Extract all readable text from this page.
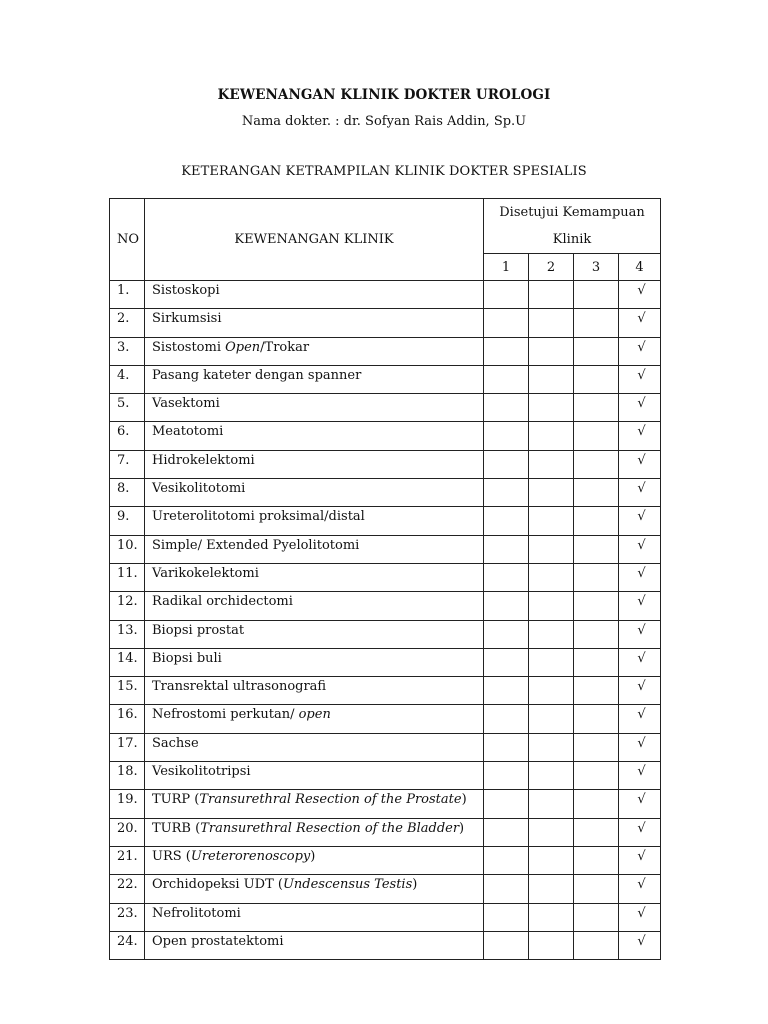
KEWENANGAN KLINIK DOKTER UROLOGI
Nama dokter. : dr. Sofyan Rais Addin, Sp.U
KETERANGAN KETRAMPILAN KLINIK DOKTER SPESIALIS
NO	KEWENANGAN KLINIK	Disetujui Kemampuan Klinik			
		1	2	3	4
1.	Sistoskopi				√
2.	Sirkumsisi				√
3.	Sistostomi Open/Trokar				√
4.	Pasang kateter dengan spanner				√
5.	Vasektomi				√
6.	Meatotomi				√
7.	Hidrokelektomi				√
8.	Vesikolitotomi				√
9.	Ureterolitotomi proksimal/distal				√
10.	Simple/ Extended Pyelolitotomi				√
11.	Varikokelektomi				√
12.	Radikal orchidectomi				√
13.	Biopsi prostat				√
14.	Biopsi buli				√
15.	Transrektal ultrasonografi				√
16.	Nefrostomi perkutan/ open				√
17.	Sachse				√
18.	Vesikolitotripsi				√
19.	TURP (Transurethral Resection of the Prostate)				√
20.	TURB (Transurethral Resection of the Bladder)				√
21.	URS (Ureterorenoscopy)				√
22.	Orchidopeksi UDT (Undescensus Testis)				√
23.	Nefrolitotomi				√
24.	Open prostatektomi				√
